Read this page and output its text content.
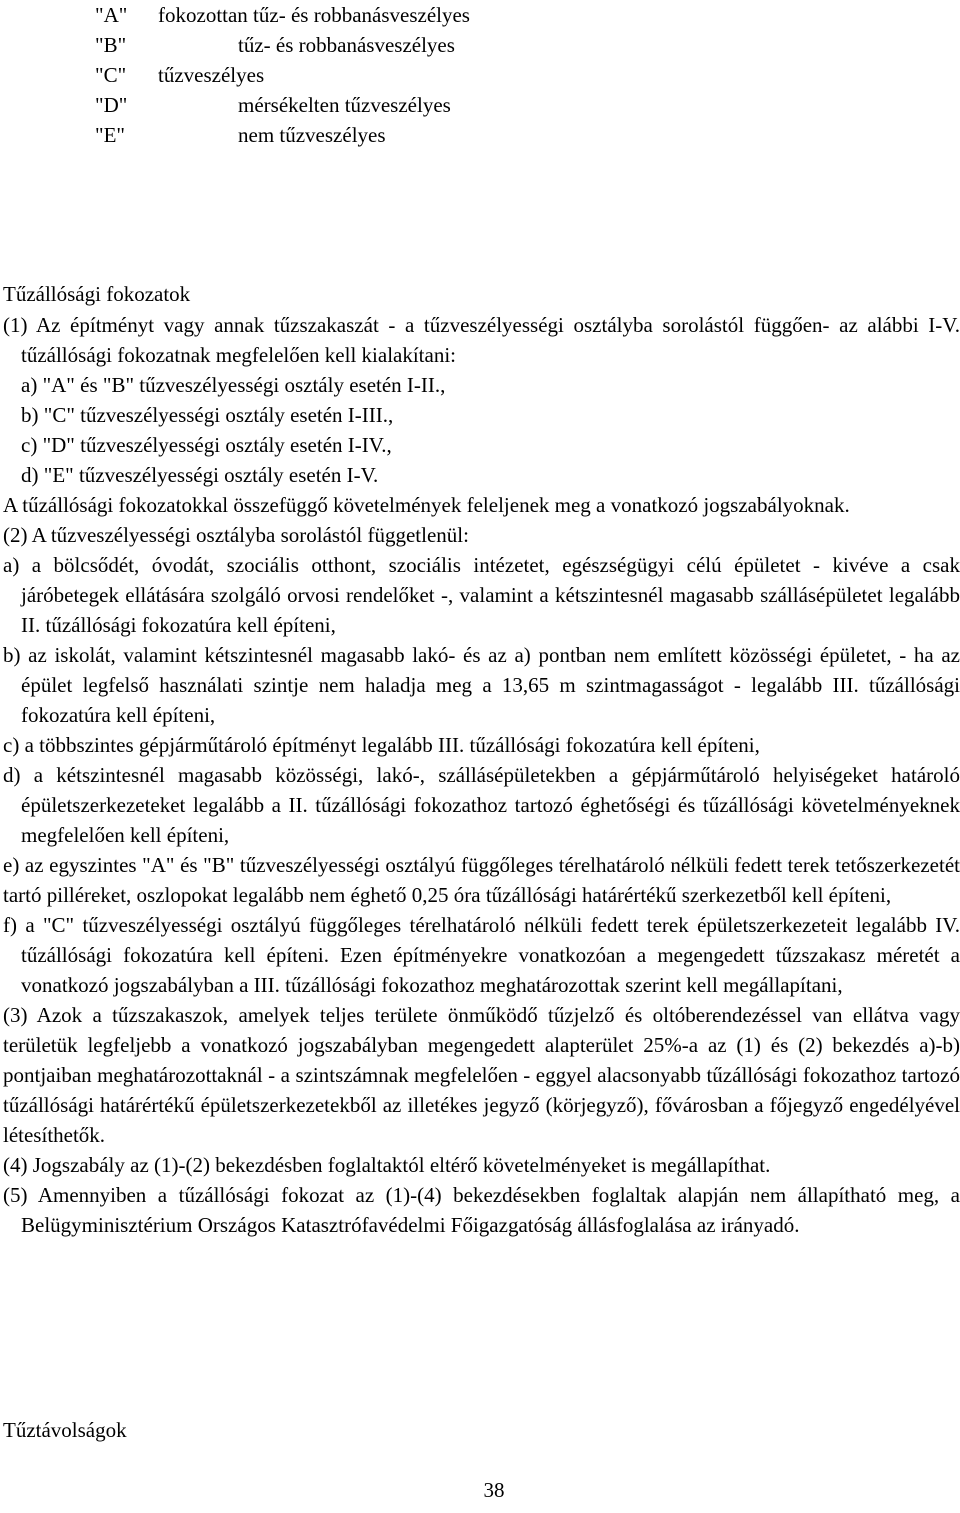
"A" fokozottan tűz- és robbanásveszélyes
"B"	tűz- és robbanásveszélyes
"C" tűzveszélyes
"D"	mérsékelten tűzveszélyes
"E"	nem tűzveszélyes
Tűzállósági fokozatok

(1) Az építményt vagy annak tűzszakaszát - a tűzveszélyességi osztályba sorolástól függően- az alábbi I-V. tűzállósági fokozatnak megfelelően kell kialakítani:

a) "A" és "B" tűzveszélyességi osztály esetén I-II.,

b) "C" tűzveszélyességi osztály esetén I-III.,

c) "D" tűzveszélyességi osztály esetén I-IV.,

d) "E" tűzveszélyességi osztály esetén I-V.

A tűzállósági fokozatokkal összefüggő követelmények feleljenek meg a vonatkozó jogszabályoknak.

(2) A tűzveszélyességi osztályba sorolástól függetlenül:

a) a bölcsődét, óvodát, szociális otthont, szociális intézetet, egészségügyi célú épületet - kivéve a csak járóbetegek ellátására szolgáló orvosi rendelőket -, valamint a kétszintesnél magasabb szállásépületet legalább II. tűzállósági fokozatúra kell építeni,

b) az iskolát, valamint kétszintesnél magasabb lakó- és az a) pontban nem említett közösségi épületet, - ha az épület legfelső használati szintje nem haladja meg a 13,65 m szintmagasságot - legalább III. tűzállósági fokozatúra kell építeni,

c) a többszintes gépjárműtároló építményt legalább III. tűzállósági fokozatúra kell építeni,

d) a kétszintesnél magasabb közösségi, lakó-, szállásépületekben a gépjárműtároló helyiségeket határoló épületszerkezeteket legalább a II. tűzállósági fokozathoz tartozó éghetőségi és tűzállósági követelményeknek megfelelően kell építeni,

e) az egyszintes "A" és "B" tűzveszélyességi osztályú függőleges térelhatároló nélküli fedett terek tetőszerkezetét tartó pilléreket, oszlopokat legalább nem éghető 0,25 óra tűzállósági határértékű szerkezetből kell építeni,

f) a "C" tűzveszélyességi osztályú függőleges térelhatároló nélküli fedett terek épületszerkezeteit legalább IV. tűzállósági fokozatúra kell építeni. Ezen építményekre vonatkozóan a megengedett tűzszakasz méretét a vonatkozó jogszabályban a III. tűzállósági fokozathoz meghatározottak szerint kell megállapítani,

(3) Azok a tűzszakaszok, amelyek teljes területe önműködő tűzjelző és oltóberendezéssel van ellátva vagy területük legfeljebb a vonatkozó jogszabályban megengedett alapterület 25%-a az (1) és (2) bekezdés a)-b) pontjaiban meghatározottaknál - a szintszámnak megfelelően - eggyel alacsonyabb tűzállósági fokozathoz tartozó tűzállósági határértékű épületszerkezetekből az illetékes jegyző (körjegyző), fővárosban a főjegyző engedélyével létesíthetők.

(4) Jogszabály az (1)-(2) bekezdésben foglaltaktól eltérő követelményeket is megállapíthat.

(5) Amennyiben a tűzállósági fokozat az (1)-(4) bekezdésekben foglaltak alapján nem állapítható meg, a Belügyminisztérium Országos Katasztrófavédelmi Főigazgatóság állásfoglalása az irányadó.

Tűztávolságok
38
